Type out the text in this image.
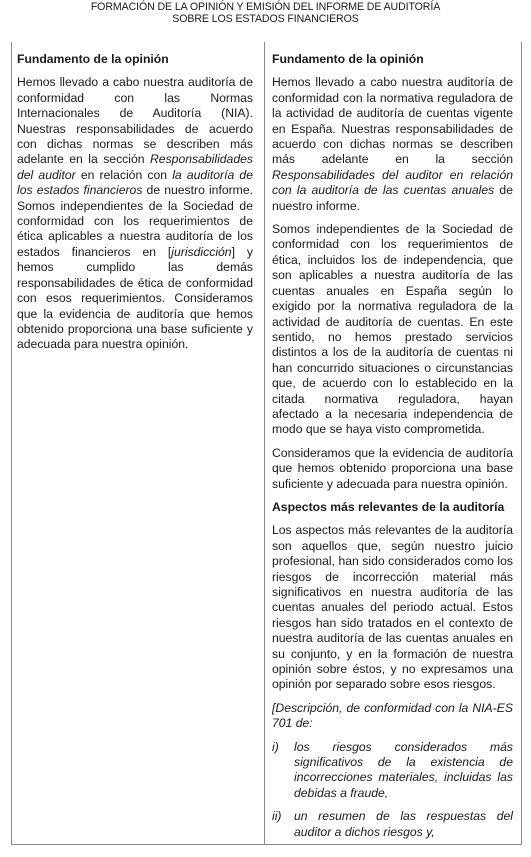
FORMACIÓN DE LA OPINIÓN Y EMISIÓN DEL INFORME DE AUDITORÍA
SOBRE LOS ESTADOS FINANCIEROS
Fundamento de la opinión

Hemos llevado a cabo nuestra auditoría de conformidad con las Normas Internacionales de Auditoría (NIA). Nuestras responsabilidades de acuerdo con dichas normas se describen más adelante en la sección Responsabilidades del auditor en relación con la auditoría de los estados financieros de nuestro informe. Somos independientes de la Sociedad de conformidad con los requerimientos de ética aplicables a nuestra auditoría de los estados financieros en [jurisdicción] y hemos cumplido las demás responsabilidades de ética de conformidad con esos requerimientos. Consideramos que la evidencia de auditoría que hemos obtenido proporciona una base suficiente y adecuada para nuestra opinión.

Fundamento de la opinión

Hemos llevado a cabo nuestra auditoría de conformidad con la normativa reguladora de la actividad de auditoría de cuentas vigente en España. Nuestras responsabilidades de acuerdo con dichas normas se describen más adelante en la sección Responsabilidades del auditor en relación con la auditoría de las cuentas anuales de nuestro informe.

Somos independientes de la Sociedad de conformidad con los requerimientos de ética, incluidos los de independencia, que son aplicables a nuestra auditoría de las cuentas anuales en España según lo exigido por la normativa reguladora de la actividad de auditoría de cuentas. En este sentido, no hemos prestado servicios distintos a los de la auditoría de cuentas ni han concurrido situaciones o circunstancias que, de acuerdo con lo establecido en la citada normativa reguladora, hayan afectado a la necesaria independencia de modo que se haya visto comprometida.

Consideramos que la evidencia de auditoría que hemos obtenido proporciona una base suficiente y adecuada para nuestra opinión.

Aspectos más relevantes de la auditoría

Los aspectos más relevantes de la auditoría son aquellos que, según nuestro juicio profesional, han sido considerados como los riesgos de incorrección material más significativos en nuestra auditoría de las cuentas anuales del periodo actual. Estos riesgos han sido tratados en el contexto de nuestra auditoría de las cuentas anuales en su conjunto, y en la formación de nuestra opinión sobre éstos, y no expresamos una opinión por separado sobre esos riesgos.

[Descripción, de conformidad con la NIA-ES 701 de:

i)	los riesgos considerados más significativos de la existencia de incorrecciones materiales, incluidas las debidas a fraude,
ii)	un resumen de las respuestas del auditor a dichos riesgos y,
